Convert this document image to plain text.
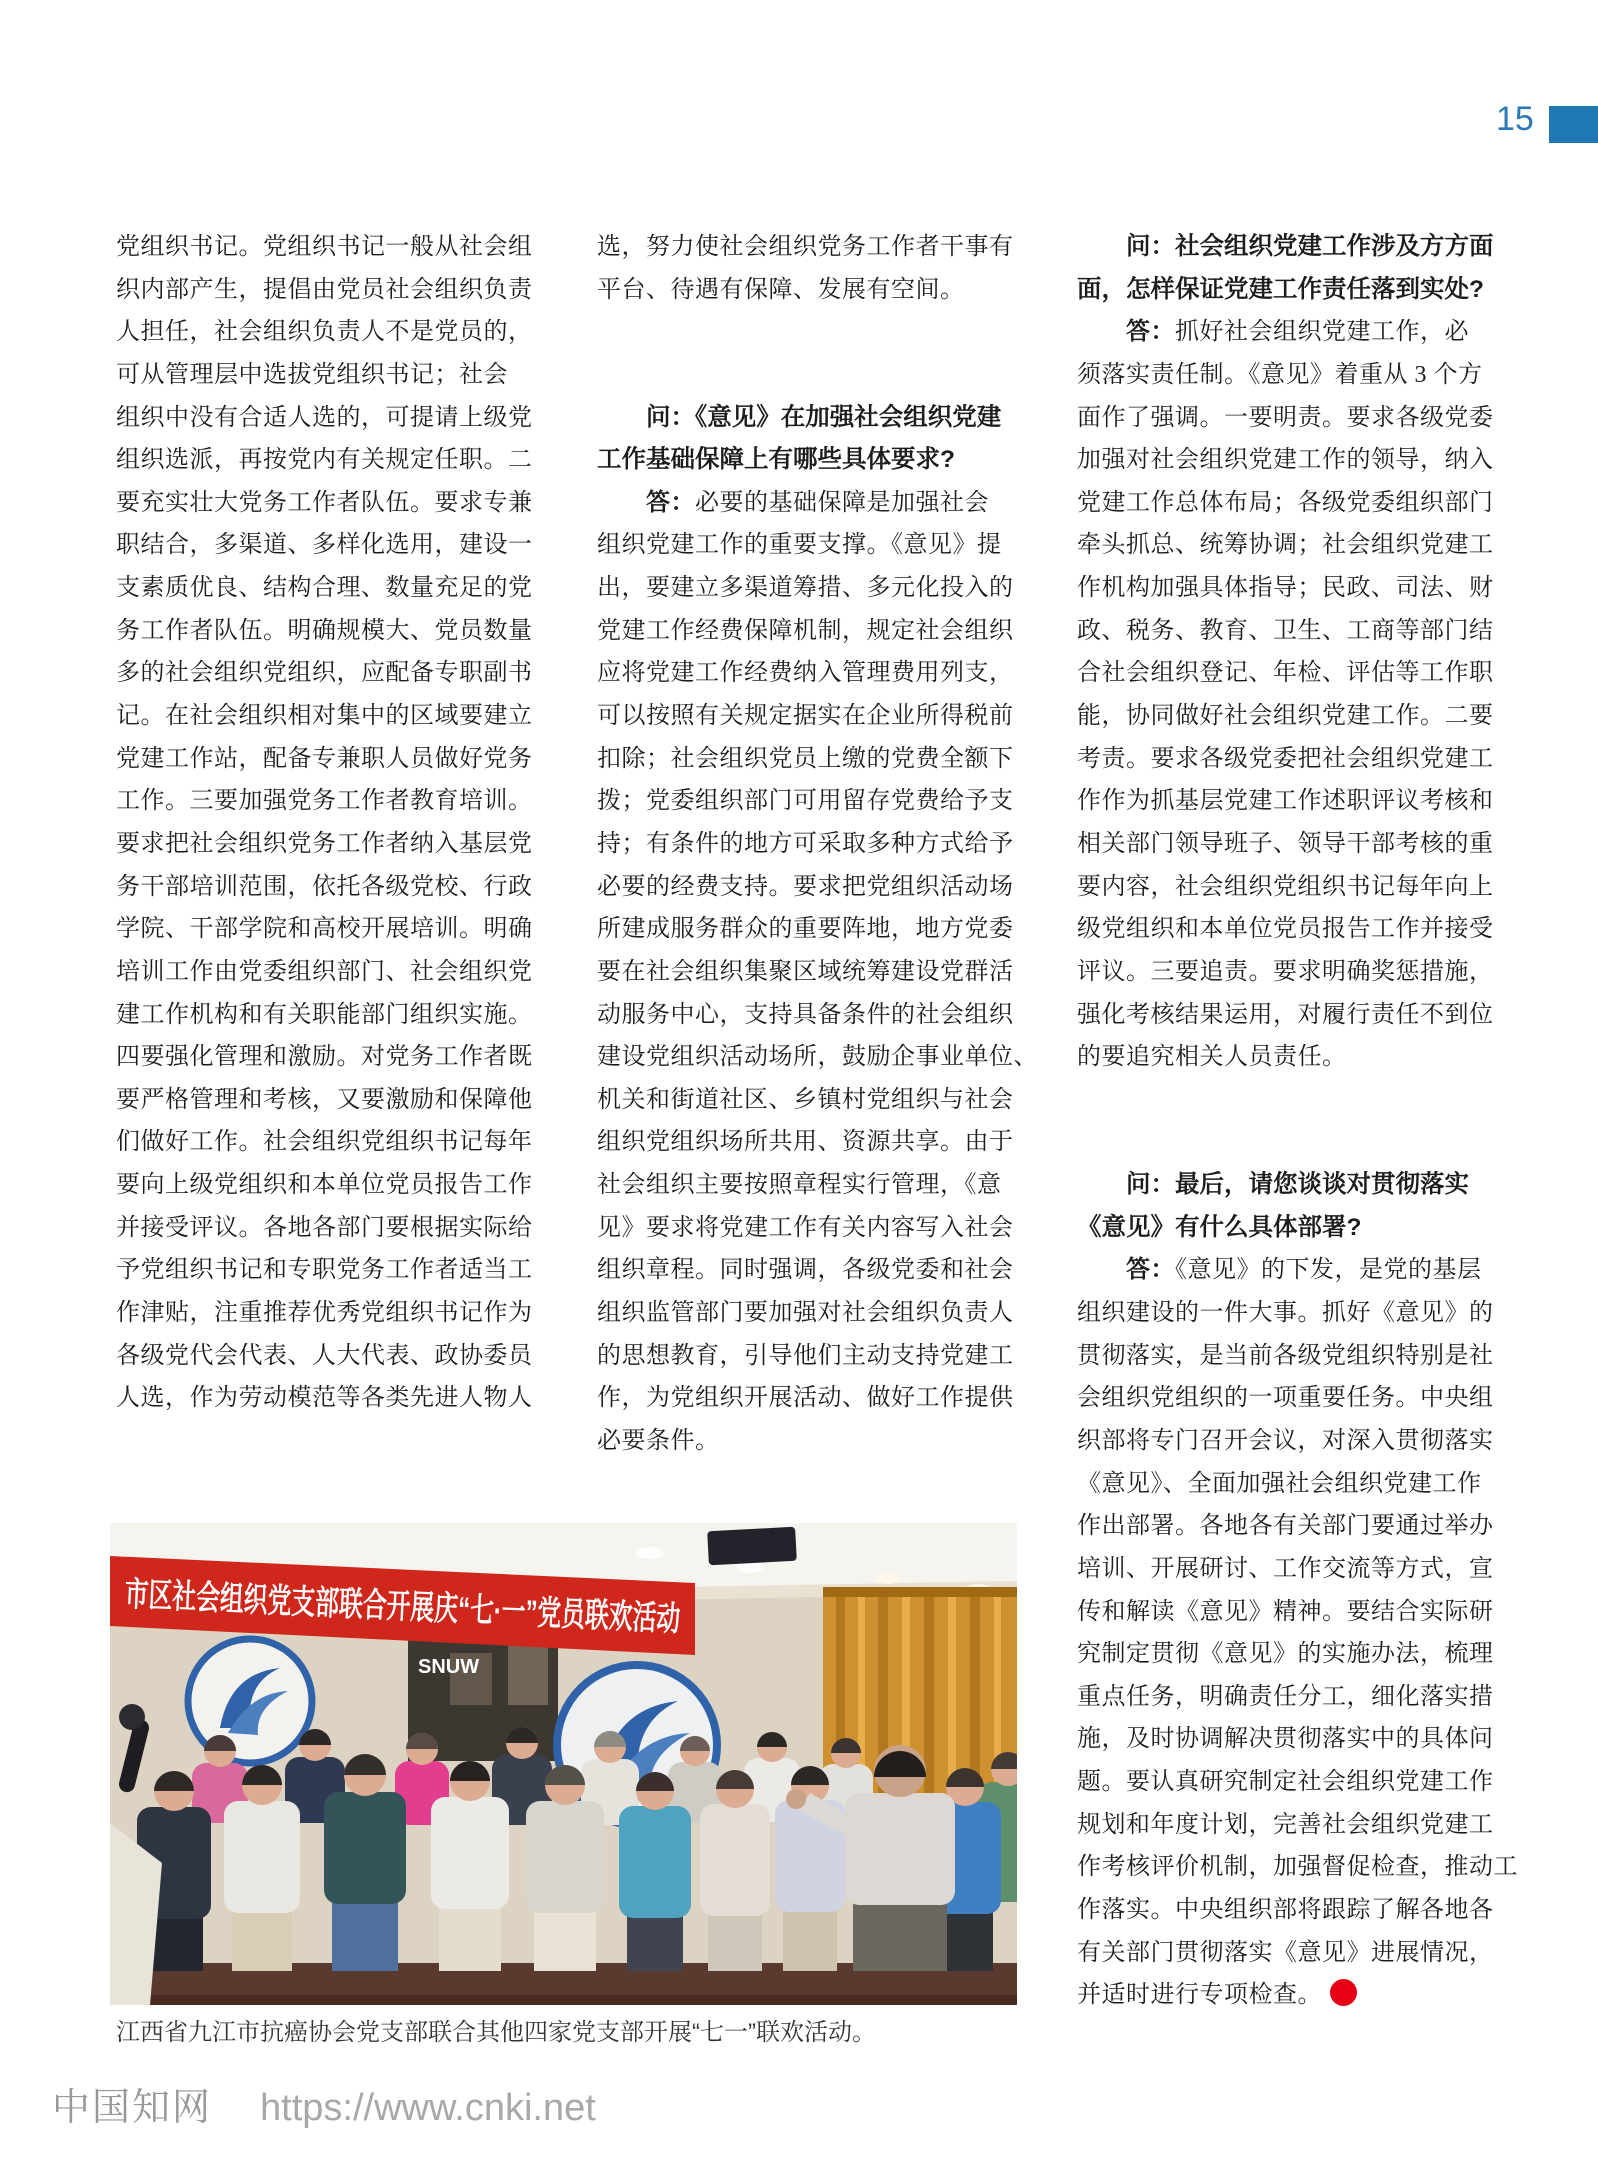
15
党组织书记。党组织书记一般从社会组
织内部产生，提倡由党员社会组织负责
人担任，社会组织负责人不是党员的，
可从管理层中选拔党组织书记；社会
组织中没有合适人选的，可提请上级党
组织选派，再按党内有关规定任职。二
要充实壮大党务工作者队伍。要求专兼
职结合，多渠道、多样化选用，建设一
支素质优良、结构合理、数量充足的党
务工作者队伍。明确规模大、党员数量
多的社会组织党组织，应配备专职副书
记。在社会组织相对集中的区域要建立
党建工作站，配备专兼职人员做好党务
工作。三要加强党务工作者教育培训。
要求把社会组织党务工作者纳入基层党
务干部培训范围，依托各级党校、行政
学院、干部学院和高校开展培训。明确
培训工作由党委组织部门、社会组织党
建工作机构和有关职能部门组织实施。
四要强化管理和激励。对党务工作者既
要严格管理和考核，又要激励和保障他
们做好工作。社会组织党组织书记每年
要向上级党组织和本单位党员报告工作
并接受评议。各地各部门要根据实际给
予党组织书记和专职党务工作者适当工
作津贴，注重推荐优秀党组织书记作为
各级党代会代表、人大代表、政协委员
人选，作为劳动模范等各类先进人物人
选，努力使社会组织党务工作者干事有
平台、待遇有保障、发展有空间。
问：《意见》在加强社会组织党建
工作基础保障上有哪些具体要求?
答：必要的基础保障是加强社会
组织党建工作的重要支撑。《意见》提
出，要建立多渠道筹措、多元化投入的
党建工作经费保障机制，规定社会组织
应将党建工作经费纳入管理费用列支，
可以按照有关规定据实在企业所得税前
扣除；社会组织党员上缴的党费全额下
拨；党委组织部门可用留存党费给予支
持；有条件的地方可采取多种方式给予
必要的经费支持。要求把党组织活动场
所建成服务群众的重要阵地，地方党委
要在社会组织集聚区域统筹建设党群活
动服务中心，支持具备条件的社会组织
建设党组织活动场所，鼓励企事业单位、
机关和街道社区、乡镇村党组织与社会
组织党组织场所共用、资源共享。由于
社会组织主要按照章程实行管理，《意
见》要求将党建工作有关内容写入社会
组织章程。同时强调，各级党委和社会
组织监管部门要加强对社会组织负责人
的思想教育，引导他们主动支持党建工
作，为党组织开展活动、做好工作提供
必要条件。
问：社会组织党建工作涉及方方面
面，怎样保证党建工作责任落到实处?
答：抓好社会组织党建工作，必
须落实责任制。《意见》着重从 3 个方
面作了强调。一要明责。要求各级党委
加强对社会组织党建工作的领导，纳入
党建工作总体布局；各级党委组织部门
牵头抓总、统筹协调；社会组织党建工
作机构加强具体指导；民政、司法、财
政、税务、教育、卫生、工商等部门结
合社会组织登记、年检、评估等工作职
能，协同做好社会组织党建工作。二要
考责。要求各级党委把社会组织党建工
作作为抓基层党建工作述职评议考核和
相关部门领导班子、领导干部考核的重
要内容，社会组织党组织书记每年向上
级党组织和本单位党员报告工作并接受
评议。三要追责。要求明确奖惩措施，
强化考核结果运用，对履行责任不到位
的要追究相关人员责任。
问：最后，请您谈谈对贯彻落实
《意见》有什么具体部署?
答：《意见》的下发，是党的基层
组织建设的一件大事。抓好《意见》的
贯彻落实，是当前各级党组织特别是社
会组织党组织的一项重要任务。中央组
织部将专门召开会议，对深入贯彻落实
《意见》、全面加强社会组织党建工作
作出部署。各地各有关部门要通过举办
培训、开展研讨、工作交流等方式，宣
传和解读《意见》精神。要结合实际研
究制定贯彻《意见》的实施办法，梳理
重点任务，明确责任分工，细化落实措
施，及时协调解决贯彻落实中的具体问
题。要认真研究制定社会组织党建工作
规划和年度计划，完善社会组织党建工
作考核评价机制，加强督促检查，推动工
作落实。中央组织部将跟踪了解各地各
有关部门贯彻落实《意见》进展情况，
并适时进行专项检查。
SNUW
市区社会组织党支部联合开展庆“七·一”党员联欢活动
江西省九江市抗癌协会党支部联合其他四家党支部开展“七一”联欢活动。
中国知网 https://www.cnki.net
